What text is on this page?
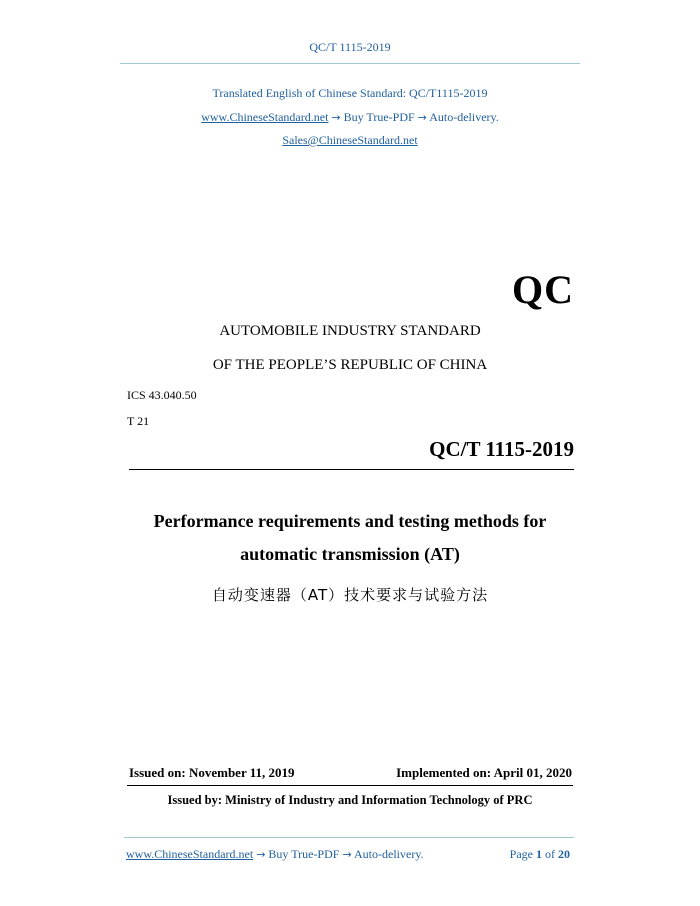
QC/T 1115-2019
Translated English of Chinese Standard: QC/T1115-2019
www.ChineseStandard.net → Buy True-PDF → Auto-delivery.
Sales@ChineseStandard.net
QC
AUTOMOBILE INDUSTRY STANDARD
OF THE PEOPLE’S REPUBLIC OF CHINA
ICS 43.040.50
T 21
QC/T 1115-2019
Performance requirements and testing methods for
automatic transmission (AT)
自动变速器（AT）技术要求与试验方法
Issued on: November 11, 2019	Implemented on: April 01, 2020
Issued by: Ministry of Industry and Information Technology of PRC
www.ChineseStandard.net → Buy True-PDF → Auto-delivery.	Page 1 of 20
